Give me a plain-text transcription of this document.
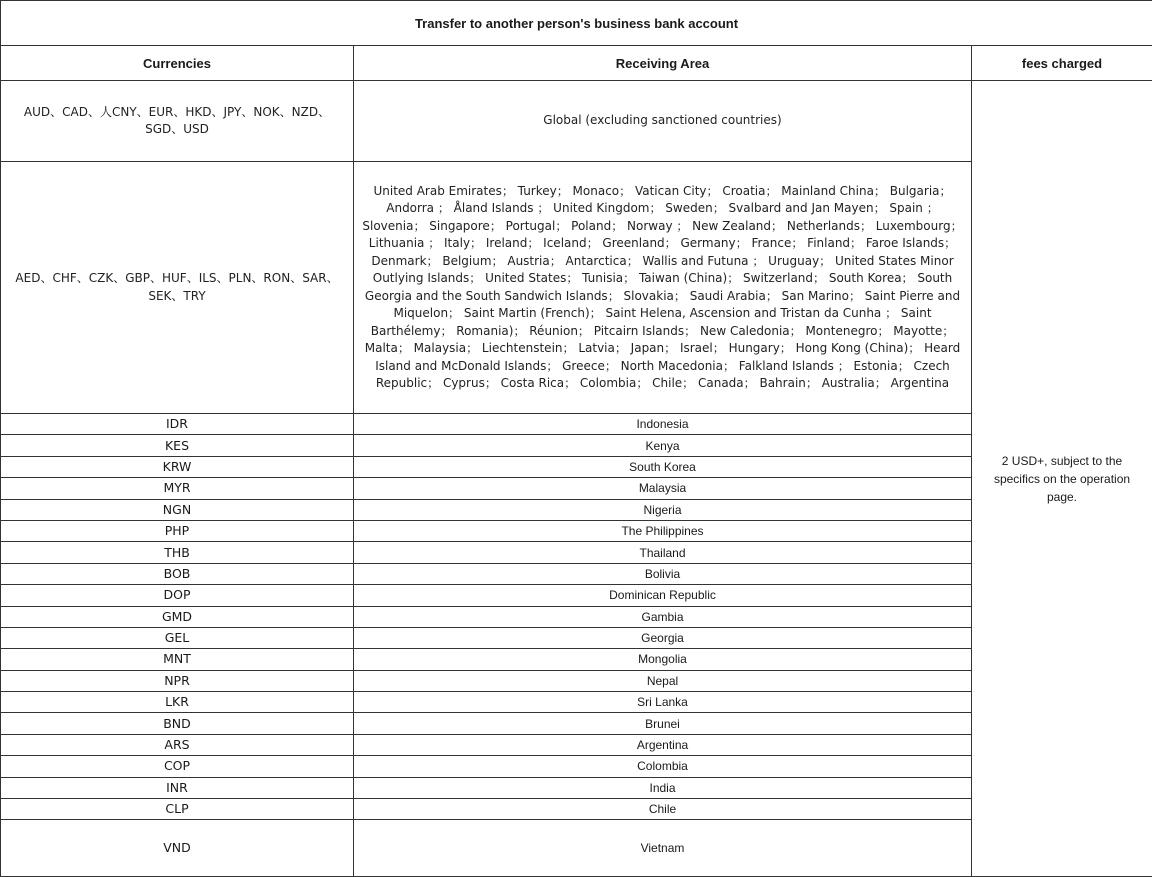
Transfer to another person's business bank account			
Currencies	Receiving Area	fees charged	
AUD、CAD、人CNY、EUR、HKD、JPY、NOK、NZD、SGD、USD	Global (excluding sanctioned countries)	2 USD+, subject to the specifics on the operation page.	
AED、CHF、CZK、GBP、HUF、ILS、PLN、RON、SAR、SEK、TRY	United Arab Emirates； Turkey； Monaco； Vatican City； Croatia； Mainland China； Bulgaria； Andorra ； Åland Islands ； United Kingdom； Sweden； Svalbard and Jan Mayen； Spain ； Slovenia； Singapore； Portugal； Poland； Norway ； New Zealand； Netherlands； Luxembourg； Lithuania ； Italy； Ireland； Iceland； Greenland； Germany； France； Finland； Faroe Islands； Denmark； Belgium； Austria； Antarctica； Wallis and Futuna ； Uruguay； United States Minor Outlying Islands； United States； Tunisia； Taiwan (China)； Switzerland； South Korea； South Georgia and the South Sandwich Islands； Slovakia； Saudi Arabia； San Marino； Saint Pierre and Miquelon； Saint Martin (French)； Saint Helena, Ascension and Tristan da Cunha ； Saint Barthélemy； Romania)； Réunion； Pitcairn Islands； New Caledonia； Montenegro； Mayotte； Malta； Malaysia； Liechtenstein； Latvia； Japan； Israel； Hungary； Hong Kong (China)； Heard Island and McDonald Islands； Greece； North Macedonia； Falkland Islands ； Estonia； Czech Republic； Cyprus； Costa Rica； Colombia； Chile； Canada； Bahrain； Australia； Argentina		
IDR	Indonesia		
KES	Kenya		
KRW	South Korea		
MYR	Malaysia		
NGN	Nigeria		
PHP	The Philippines		
THB	Thailand		
BOB	Bolivia		
DOP	Dominican Republic		
GMD	Gambia		
GEL	Georgia		
MNT	Mongolia		
NPR	Nepal		
LKR	Sri Lanka		
BND	Brunei		
ARS	Argentina		
COP	Colombia		
INR	India		
CLP	Chile		
VND	Vietnam	
